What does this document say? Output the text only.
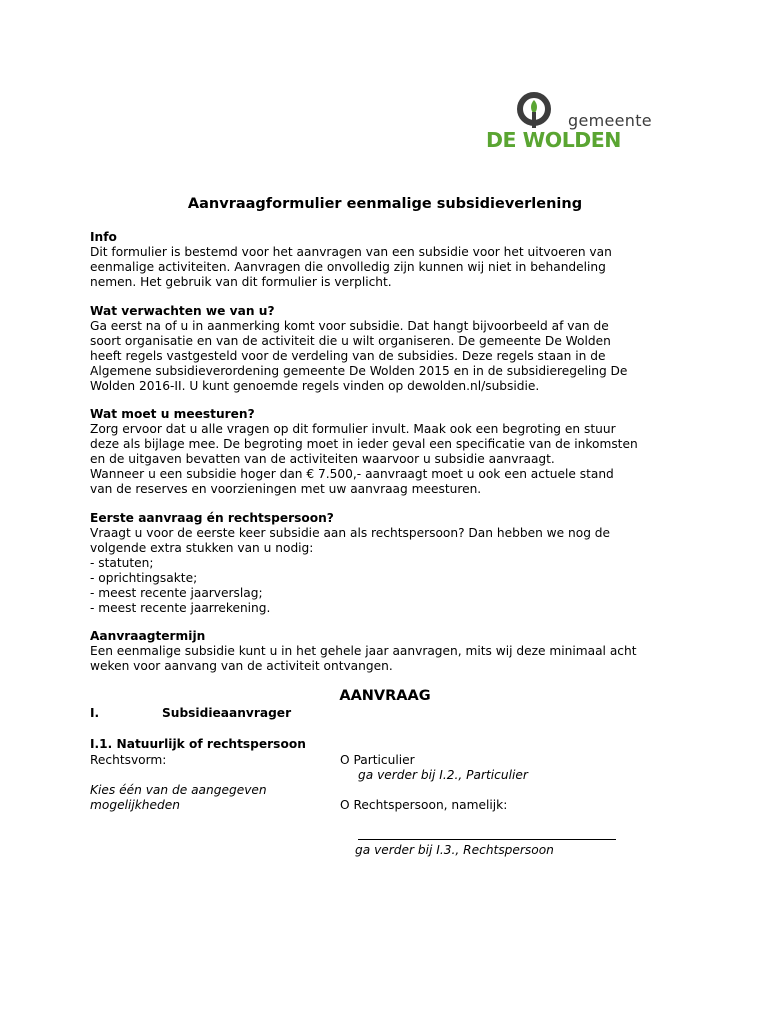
gemeente
DE WOLDEN
Aanvraagformulier eenmalige subsidieverlening
Info
Dit formulier is bestemd voor het aanvragen van een subsidie voor het uitvoeren van
eenmalige activiteiten. Aanvragen die onvolledig zijn kunnen wij niet in behandeling
nemen. Het gebruik van dit formulier is verplicht.
Wat verwachten we van u?
Ga eerst na of u in aanmerking komt voor subsidie. Dat hangt bijvoorbeeld af van de
soort organisatie en van de activiteit die u wilt organiseren. De gemeente De Wolden
heeft regels vastgesteld voor de verdeling van de subsidies. Deze regels staan in de
Algemene subsidieverordening gemeente De Wolden 2015 en in de subsidieregeling De
Wolden 2016-II. U kunt genoemde regels vinden op dewolden.nl/subsidie.
Wat moet u meesturen?
Zorg ervoor dat u alle vragen op dit formulier invult. Maak ook een begroting en stuur
deze als bijlage mee. De begroting moet in ieder geval een specificatie van de inkomsten
en de uitgaven bevatten van de activiteiten waarvoor u subsidie aanvraagt.
Wanneer u een subsidie hoger dan € 7.500,- aanvraagt moet u ook een actuele stand
van de reserves en voorzieningen met uw aanvraag meesturen.
Eerste aanvraag én rechtspersoon?
Vraagt u voor de eerste keer subsidie aan als rechtspersoon? Dan hebben we nog de
volgende extra stukken van u nodig:
- statuten;
- oprichtingsakte;
- meest recente jaarverslag;
- meest recente jaarrekening.
Aanvraagtermijn
Een eenmalige subsidie kunt u in het gehele jaar aanvragen, mits wij deze minimaal acht
weken voor aanvang van de activiteit ontvangen.
AANVRAAG
I.	Subsidieaanvrager
I.1. Natuurlijk of rechtspersoon
Rechtsvorm:
Kies één van de aangegeven
mogelijkheden
O Particulier
ga verder bij I.2., Particulier
O Rechtspersoon, namelijk:
ga verder bij I.3., Rechtspersoon
